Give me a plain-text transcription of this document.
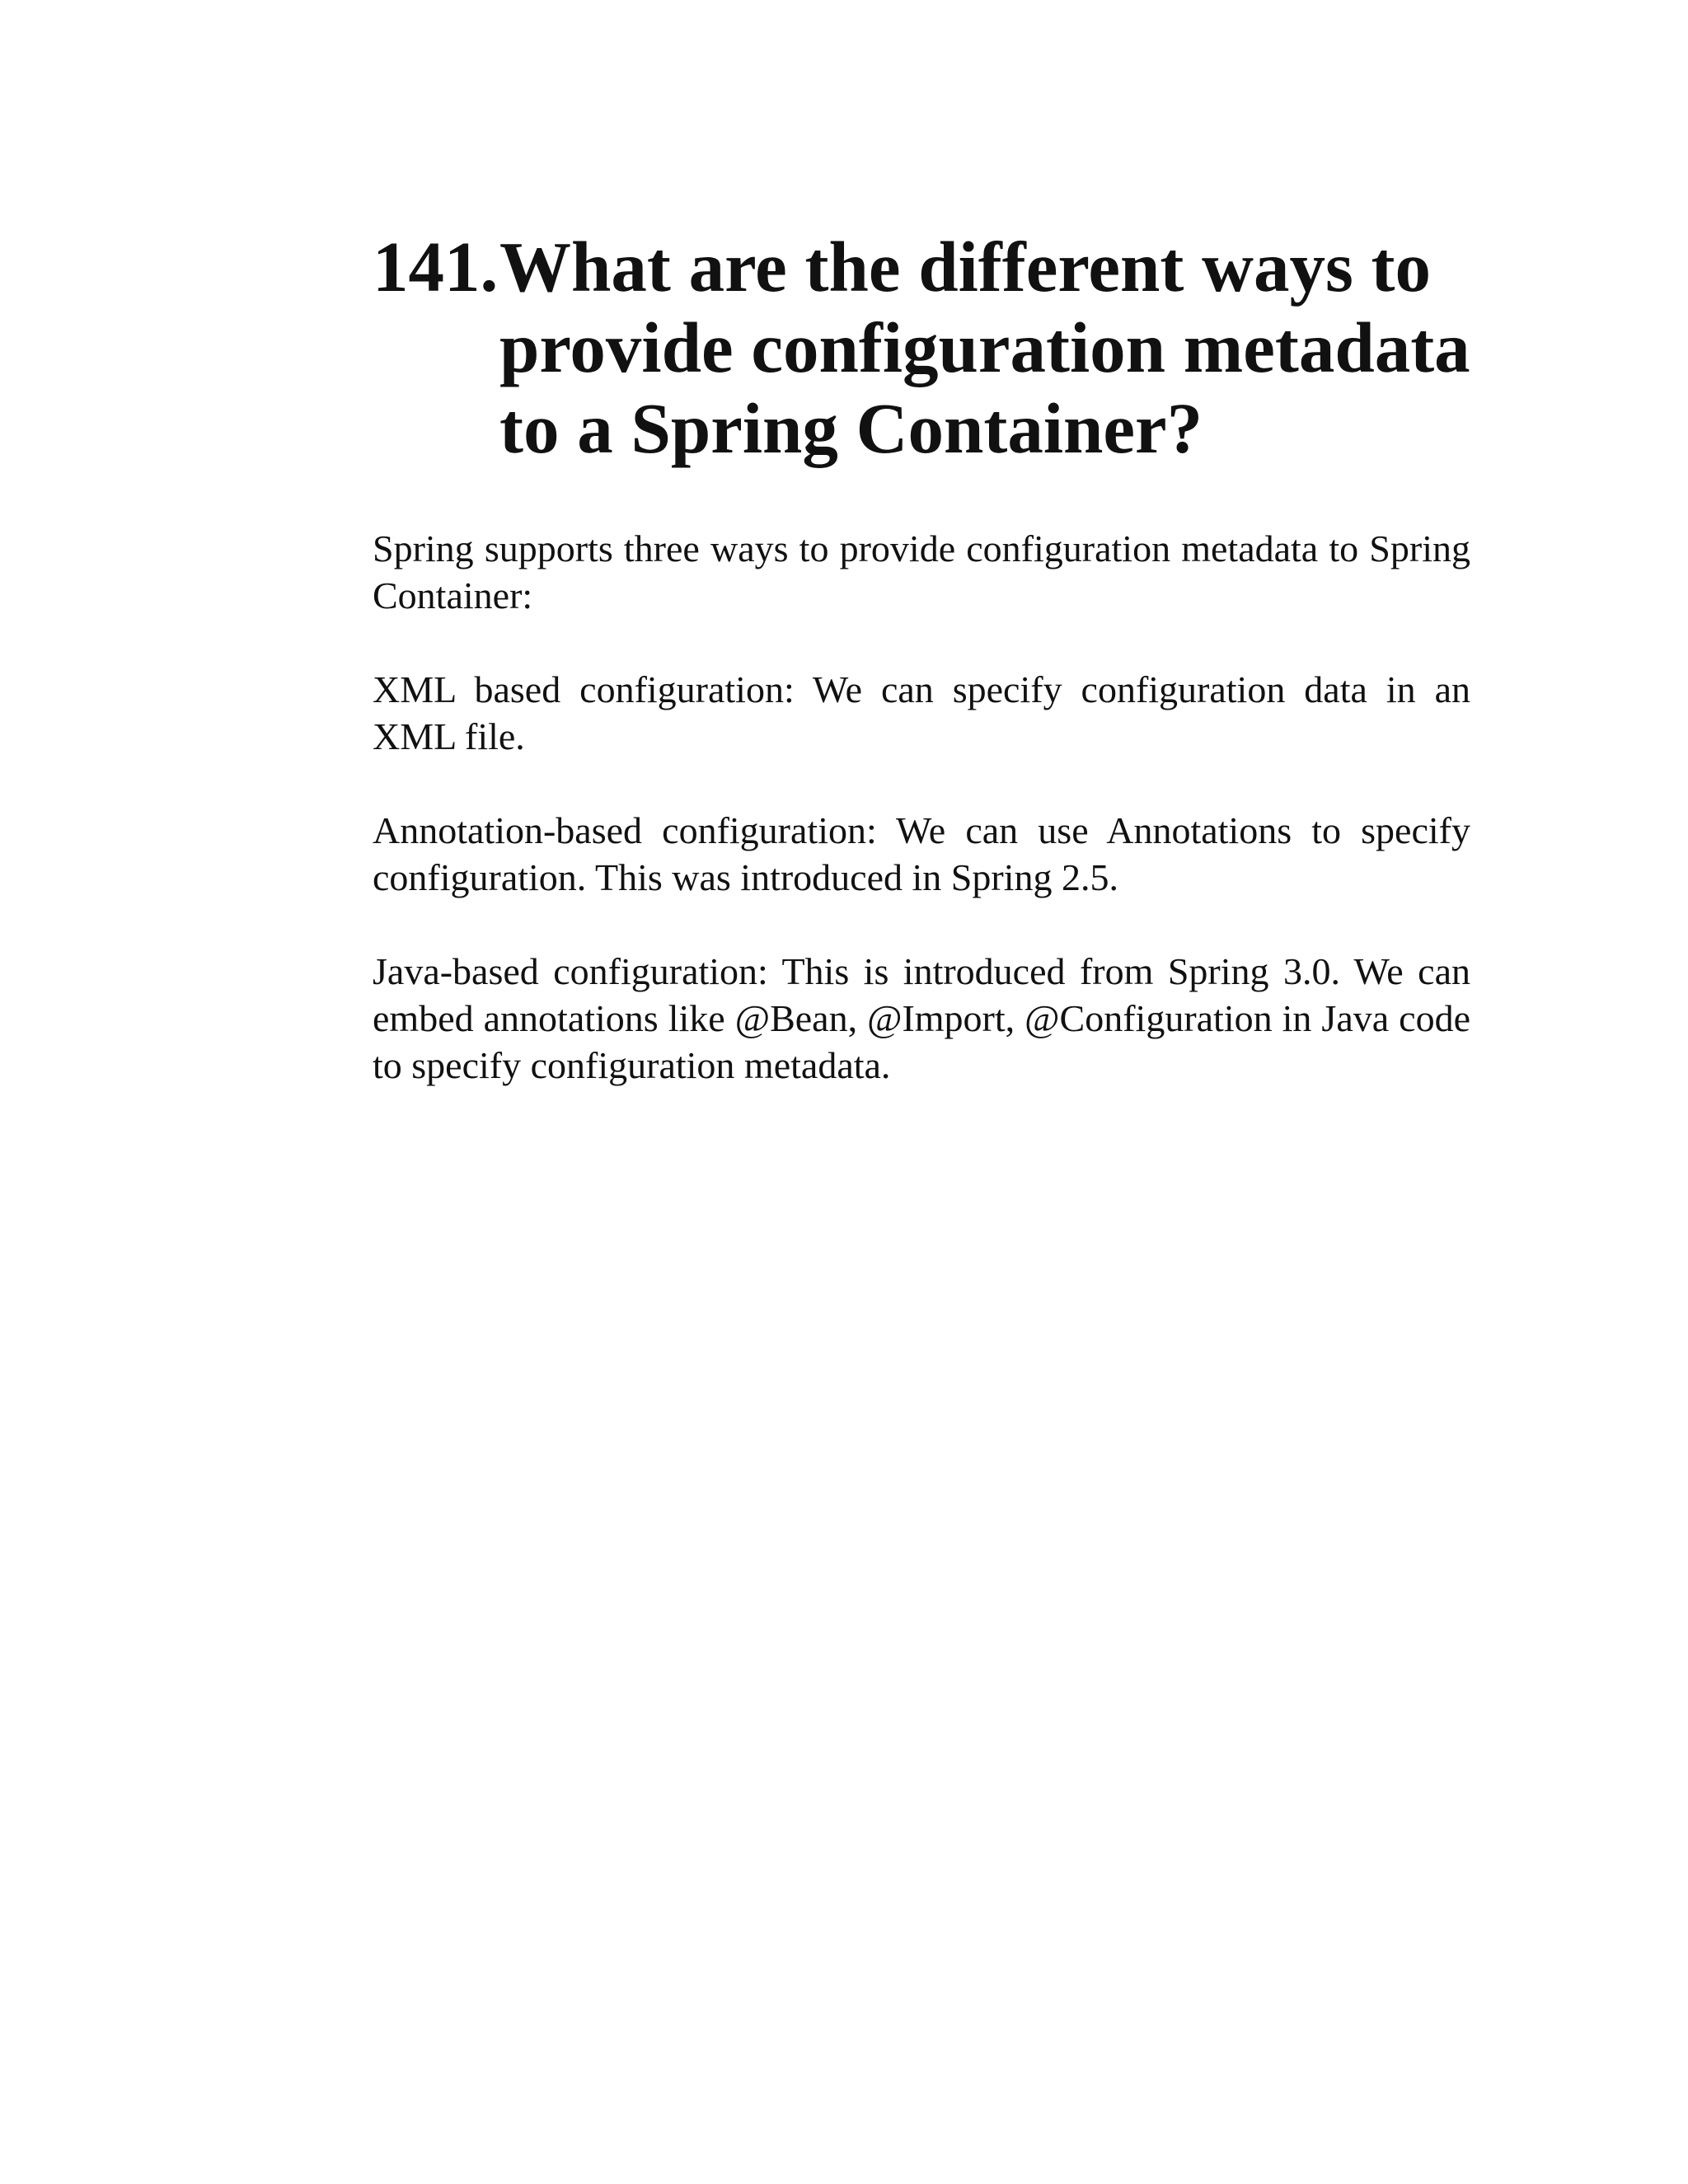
141. What are the different ways to provide configuration metadata to a Spring Container?

Spring supports three ways to provide configuration metadata to Spring Container:

XML based configuration: We can specify configuration data in an XML file.

Annotation-based configuration: We can use Annotations to specify configuration. This was introduced in Spring 2.5.

Java-based configuration: This is introduced from Spring 3.0. We can embed annotations like @Bean, @Import, @Configuration in Java code to specify configuration metadata.
